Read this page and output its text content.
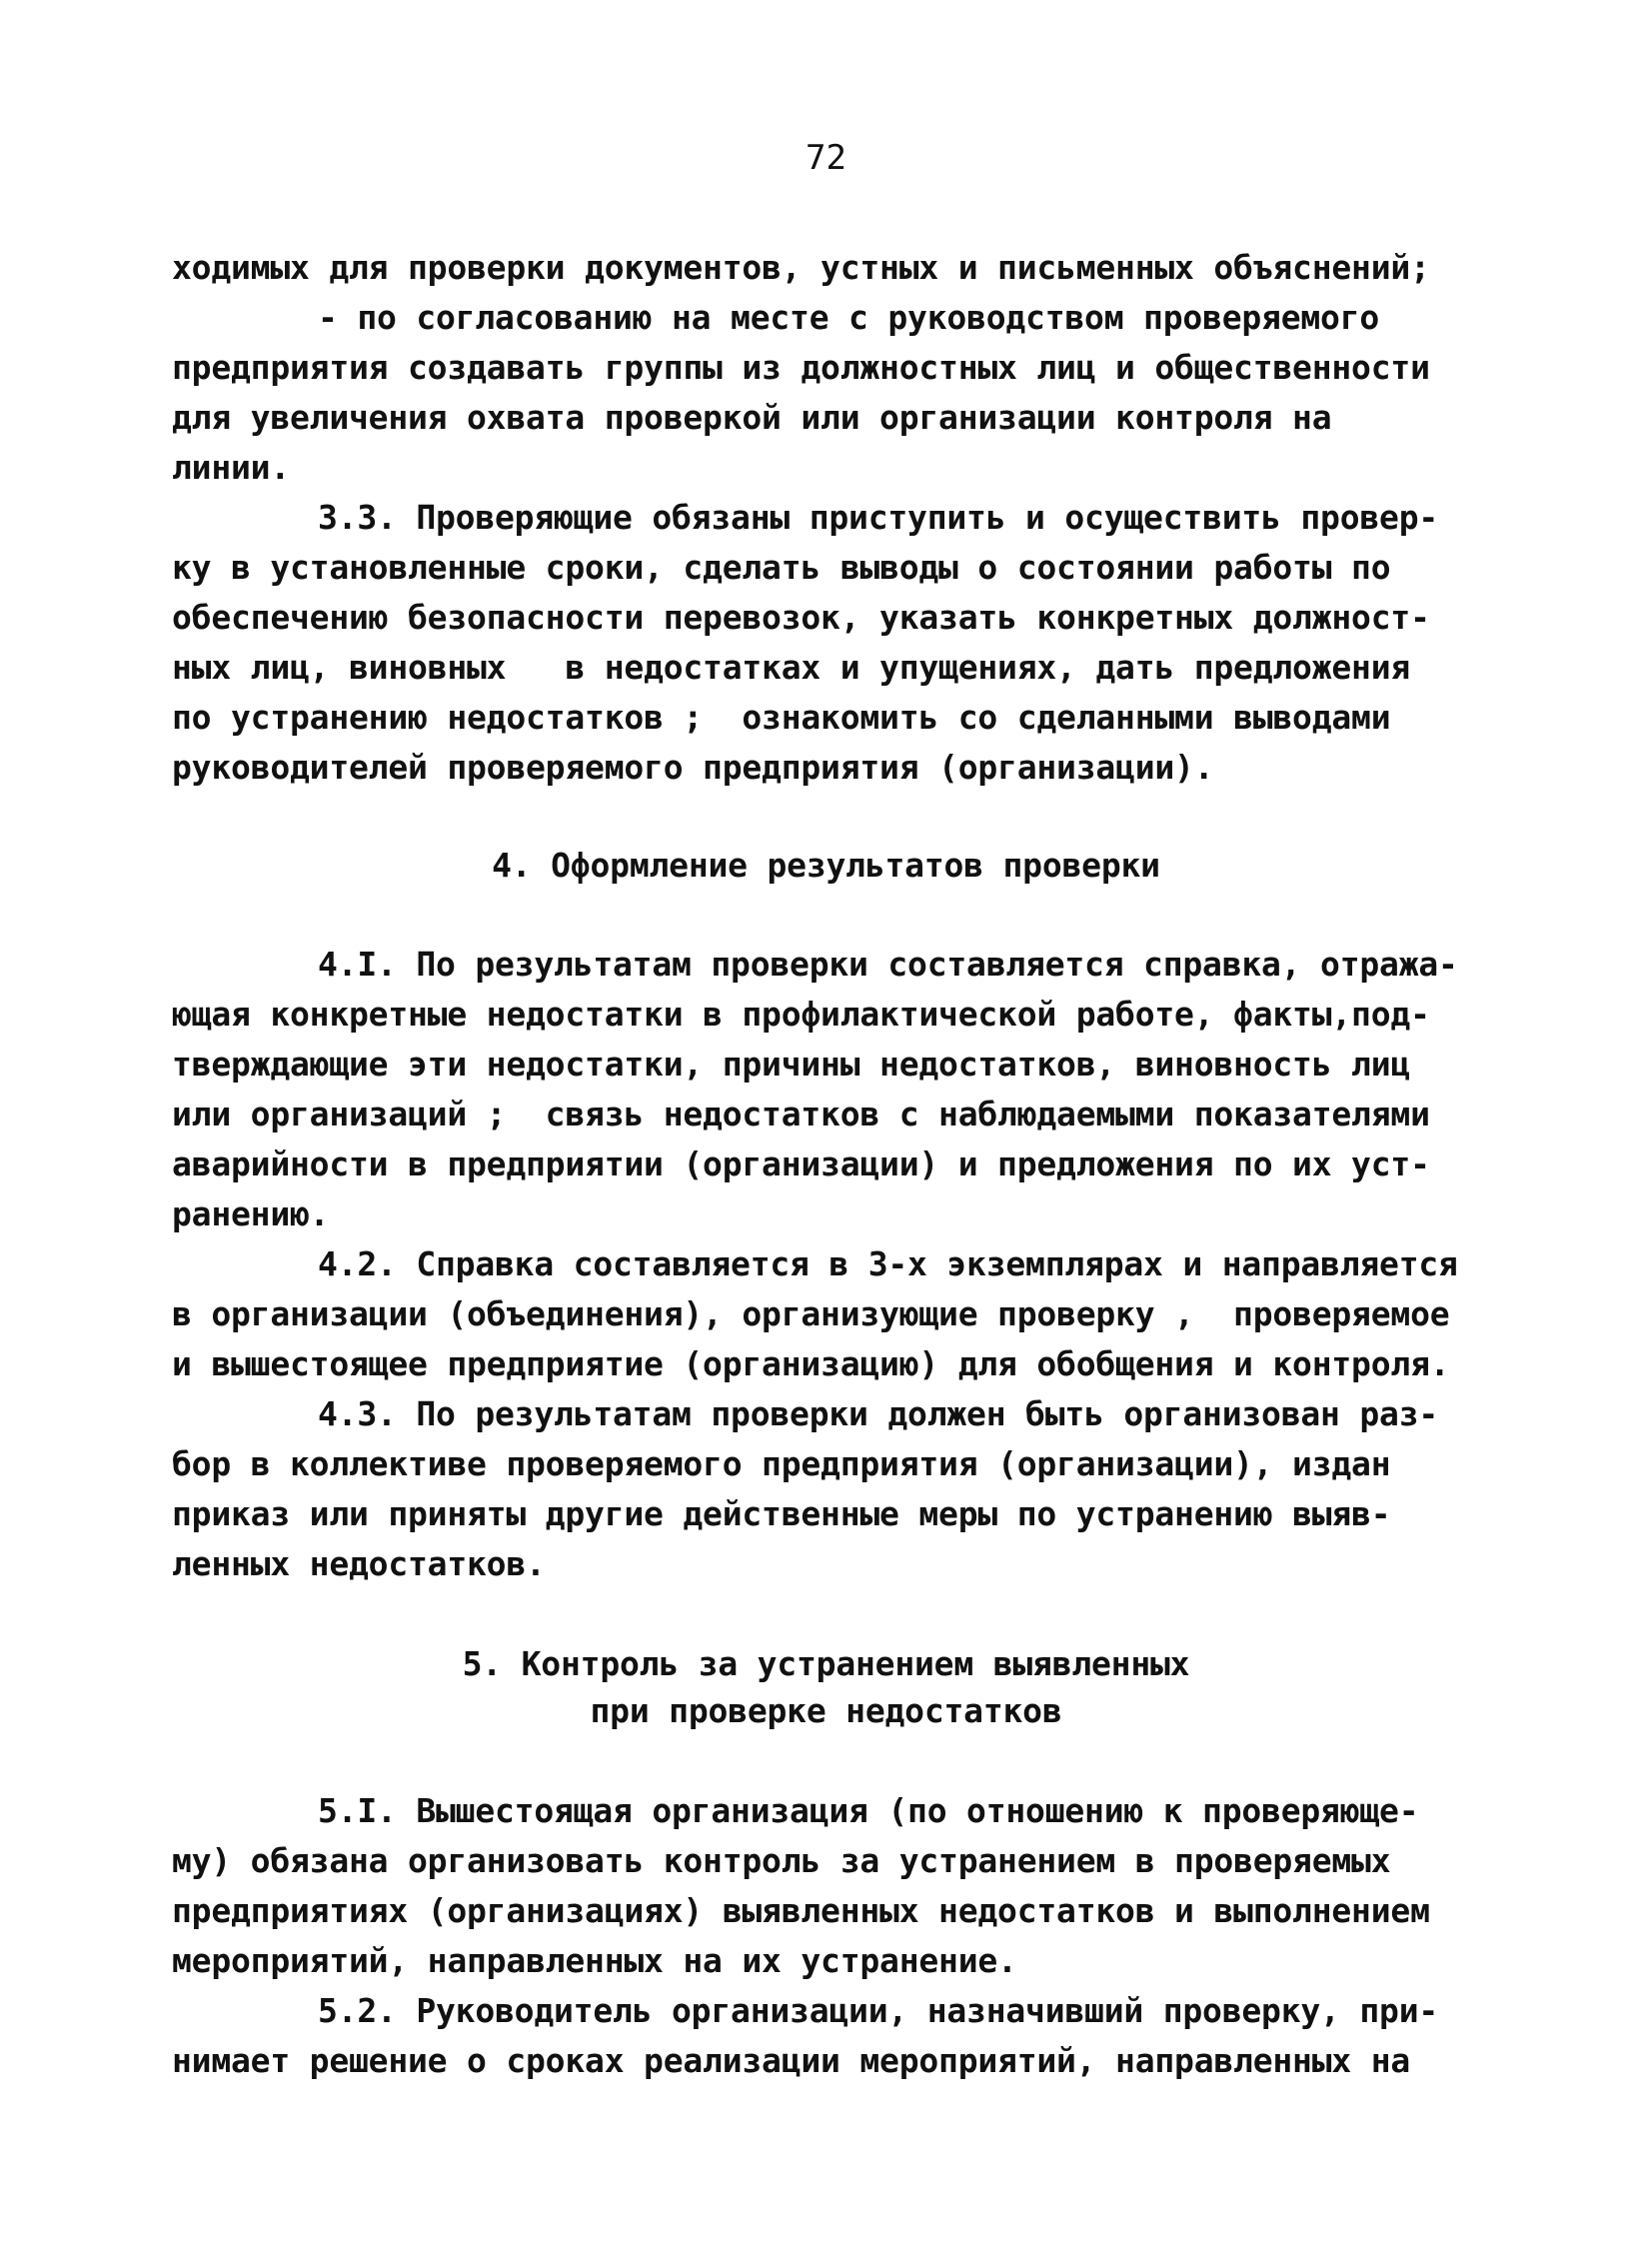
72
ходимых для проверки документов, устных и письменных объяснений;
- по согласованию на месте с руководством проверяемого
предприятия создавать группы из должностных лиц и общественности
для увеличения охвата проверкой или организации контроля на
линии.
3.3. Проверяющие обязаны приступить и осуществить провер-
ку в установленные сроки, сделать выводы о состоянии работы по
обеспечению безопасности перевозок, указать конкретных должност-
ных лиц, виновных   в недостатках и упущениях, дать предложения
по устранению недостатков ;  ознакомить со сделанными выводами
руководителей проверяемого предприятия (организации).
4. Оформление результатов проверки
4.I. По результатам проверки составляется справка, отража-
ющая конкретные недостатки в профилактической работе, факты,под-
тверждающие эти недостатки, причины недостатков, виновность лиц
или организаций ;  связь недостатков с наблюдаемыми показателями
аварийности в предприятии (организации) и предложения по их уст-
ранению.
4.2. Справка составляется в 3-х экземплярах и направляется
в организации (объединения), организующие проверку ,  проверяемое
и вышестоящее предприятие (организацию) для обобщения и контроля.
4.3. По результатам проверки должен быть организован раз-
бор в коллективе проверяемого предприятия (организации), издан
приказ или приняты другие действенные меры по устранению выяв-
ленных недостатков.
5. Контроль за устранением выявленных
при проверке недостатков
5.I. Вышестоящая организация (по отношению к проверяюще-
му) обязана организовать контроль за устранением в проверяемых
предприятиях (организациях) выявленных недостатков и выполнением
мероприятий, направленных на их устранение.
5.2. Руководитель организации, назначивший проверку, при-
нимает решение о сроках реализации мероприятий, направленных на
